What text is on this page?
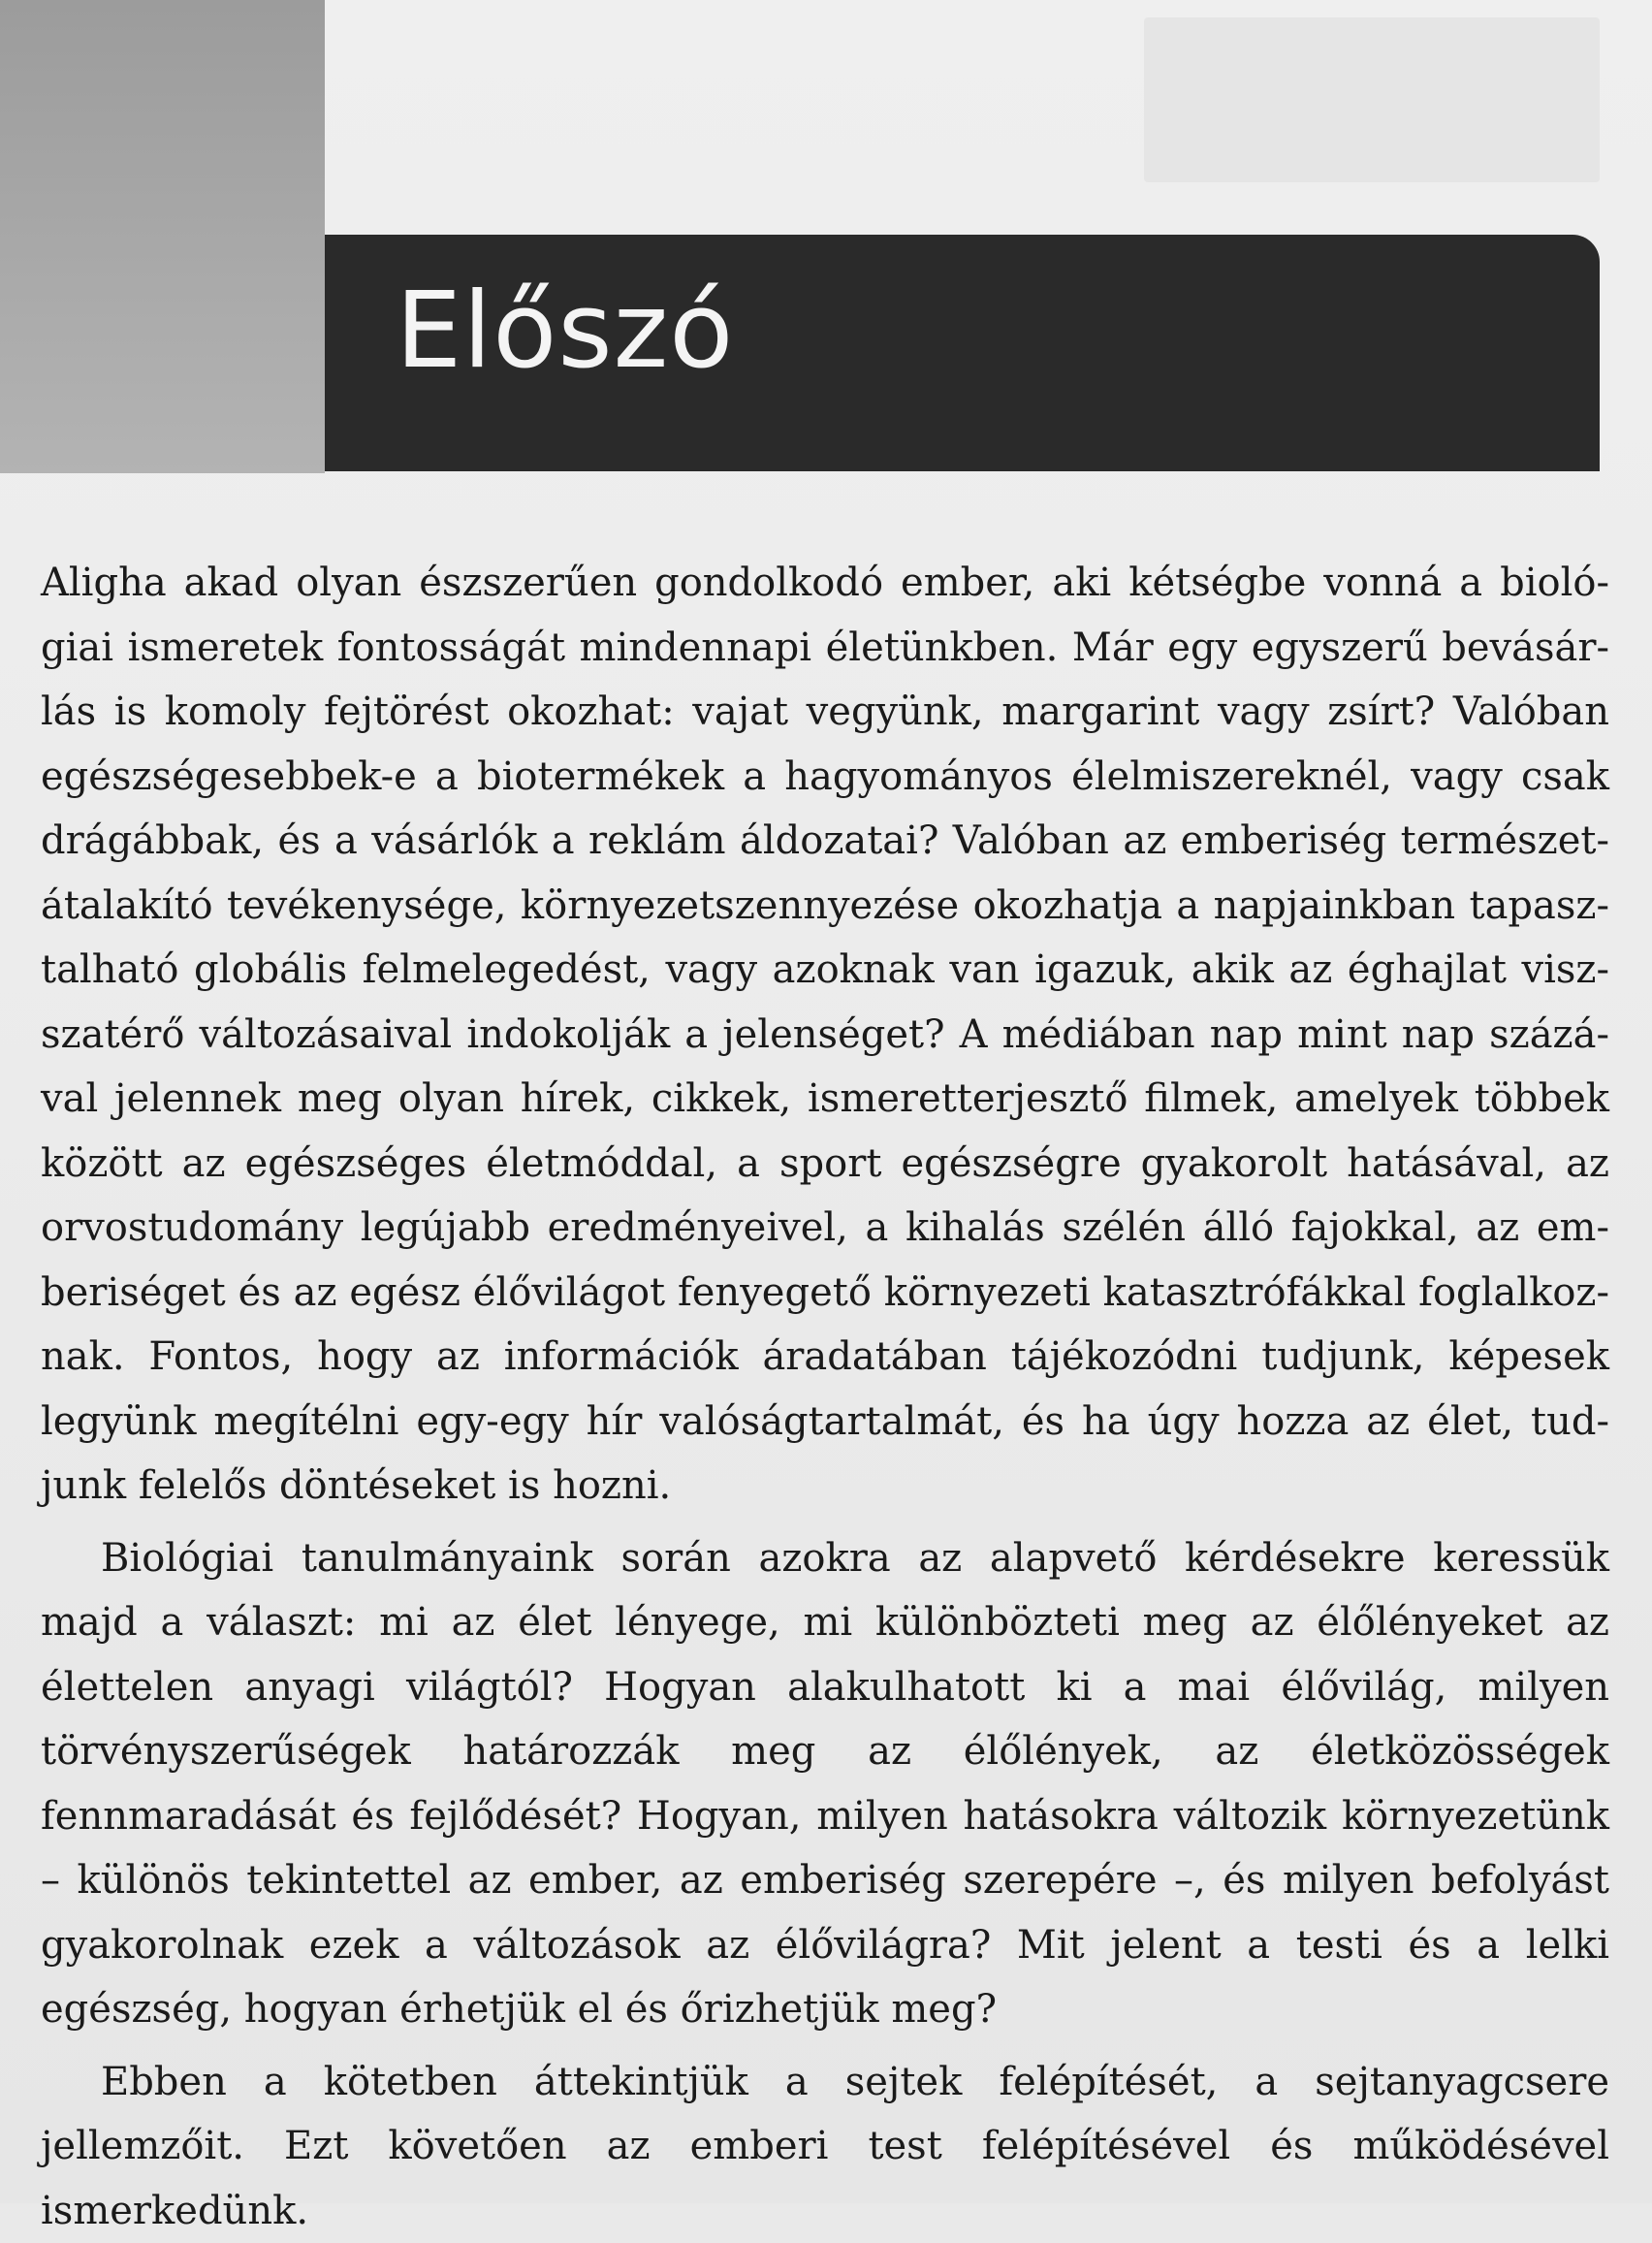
Előszó

Aligha akad olyan észszerűen gondolkodó ember, aki kétségbe vonná a biológiai ismeretek fontosságát mindennapi életünkben. Már egy egyszerű bevásárlás is komoly fejtörést okozhat: vajat vegyünk, margarint vagy zsírt? Valóban egészségesebbek-e a biotermékek a hagyományos élelmiszereknél, vagy csak drágábbak, és a vásárlók a reklám áldozatai? Valóban az emberiség természetátalakító tevékenysége, környezetszennyezése okozhatja a napjainkban tapasztalható globális felmelegedést, vagy azoknak van igazuk, akik az éghajlat viszszatérő változásaival indokolják a jelenséget? A médiában nap mint nap százával jelennek meg olyan hírek, cikkek, ismeretterjesztő filmek, amelyek többek között az egészséges életmóddal, a sport egészségre gyakorolt hatásával, az orvostudomány legújabb eredményeivel, a kihalás szélén álló fajokkal, az emberiséget és az egész élővilágot fenyegető környezeti katasztrófákkal foglalkoznak. Fontos, hogy az információk áradatában tájékozódni tudjunk, képesek legyünk megítélni egy-egy hír valóságtartalmát, és ha úgy hozza az élet, tudjunk felelős döntéseket is hozni.

Biológiai tanulmányaink során azokra az alapvető kérdésekre keressük majd a választ: mi az élet lényege, mi különbözteti meg az élőlényeket az élettelen anyagi világtól? Hogyan alakulhatott ki a mai élővilág, milyen törvényszerűségek határozzák meg az élőlények, az életközösségek fennmaradását és fejlődését? Hogyan, milyen hatásokra változik környezetünk – különös tekintettel az ember, az emberiség szerepére –, és milyen befolyást gyakorolnak ezek a változások az élővilágra? Mit jelent a testi és a lelki egészség, hogyan érhetjük el és őrizhetjük meg?

Ebben a kötetben áttekintjük a sejtek felépítését, a sejtanyagcsere jellemzőit. Ezt követően az emberi test felépítésével és működésével ismerkedünk.
